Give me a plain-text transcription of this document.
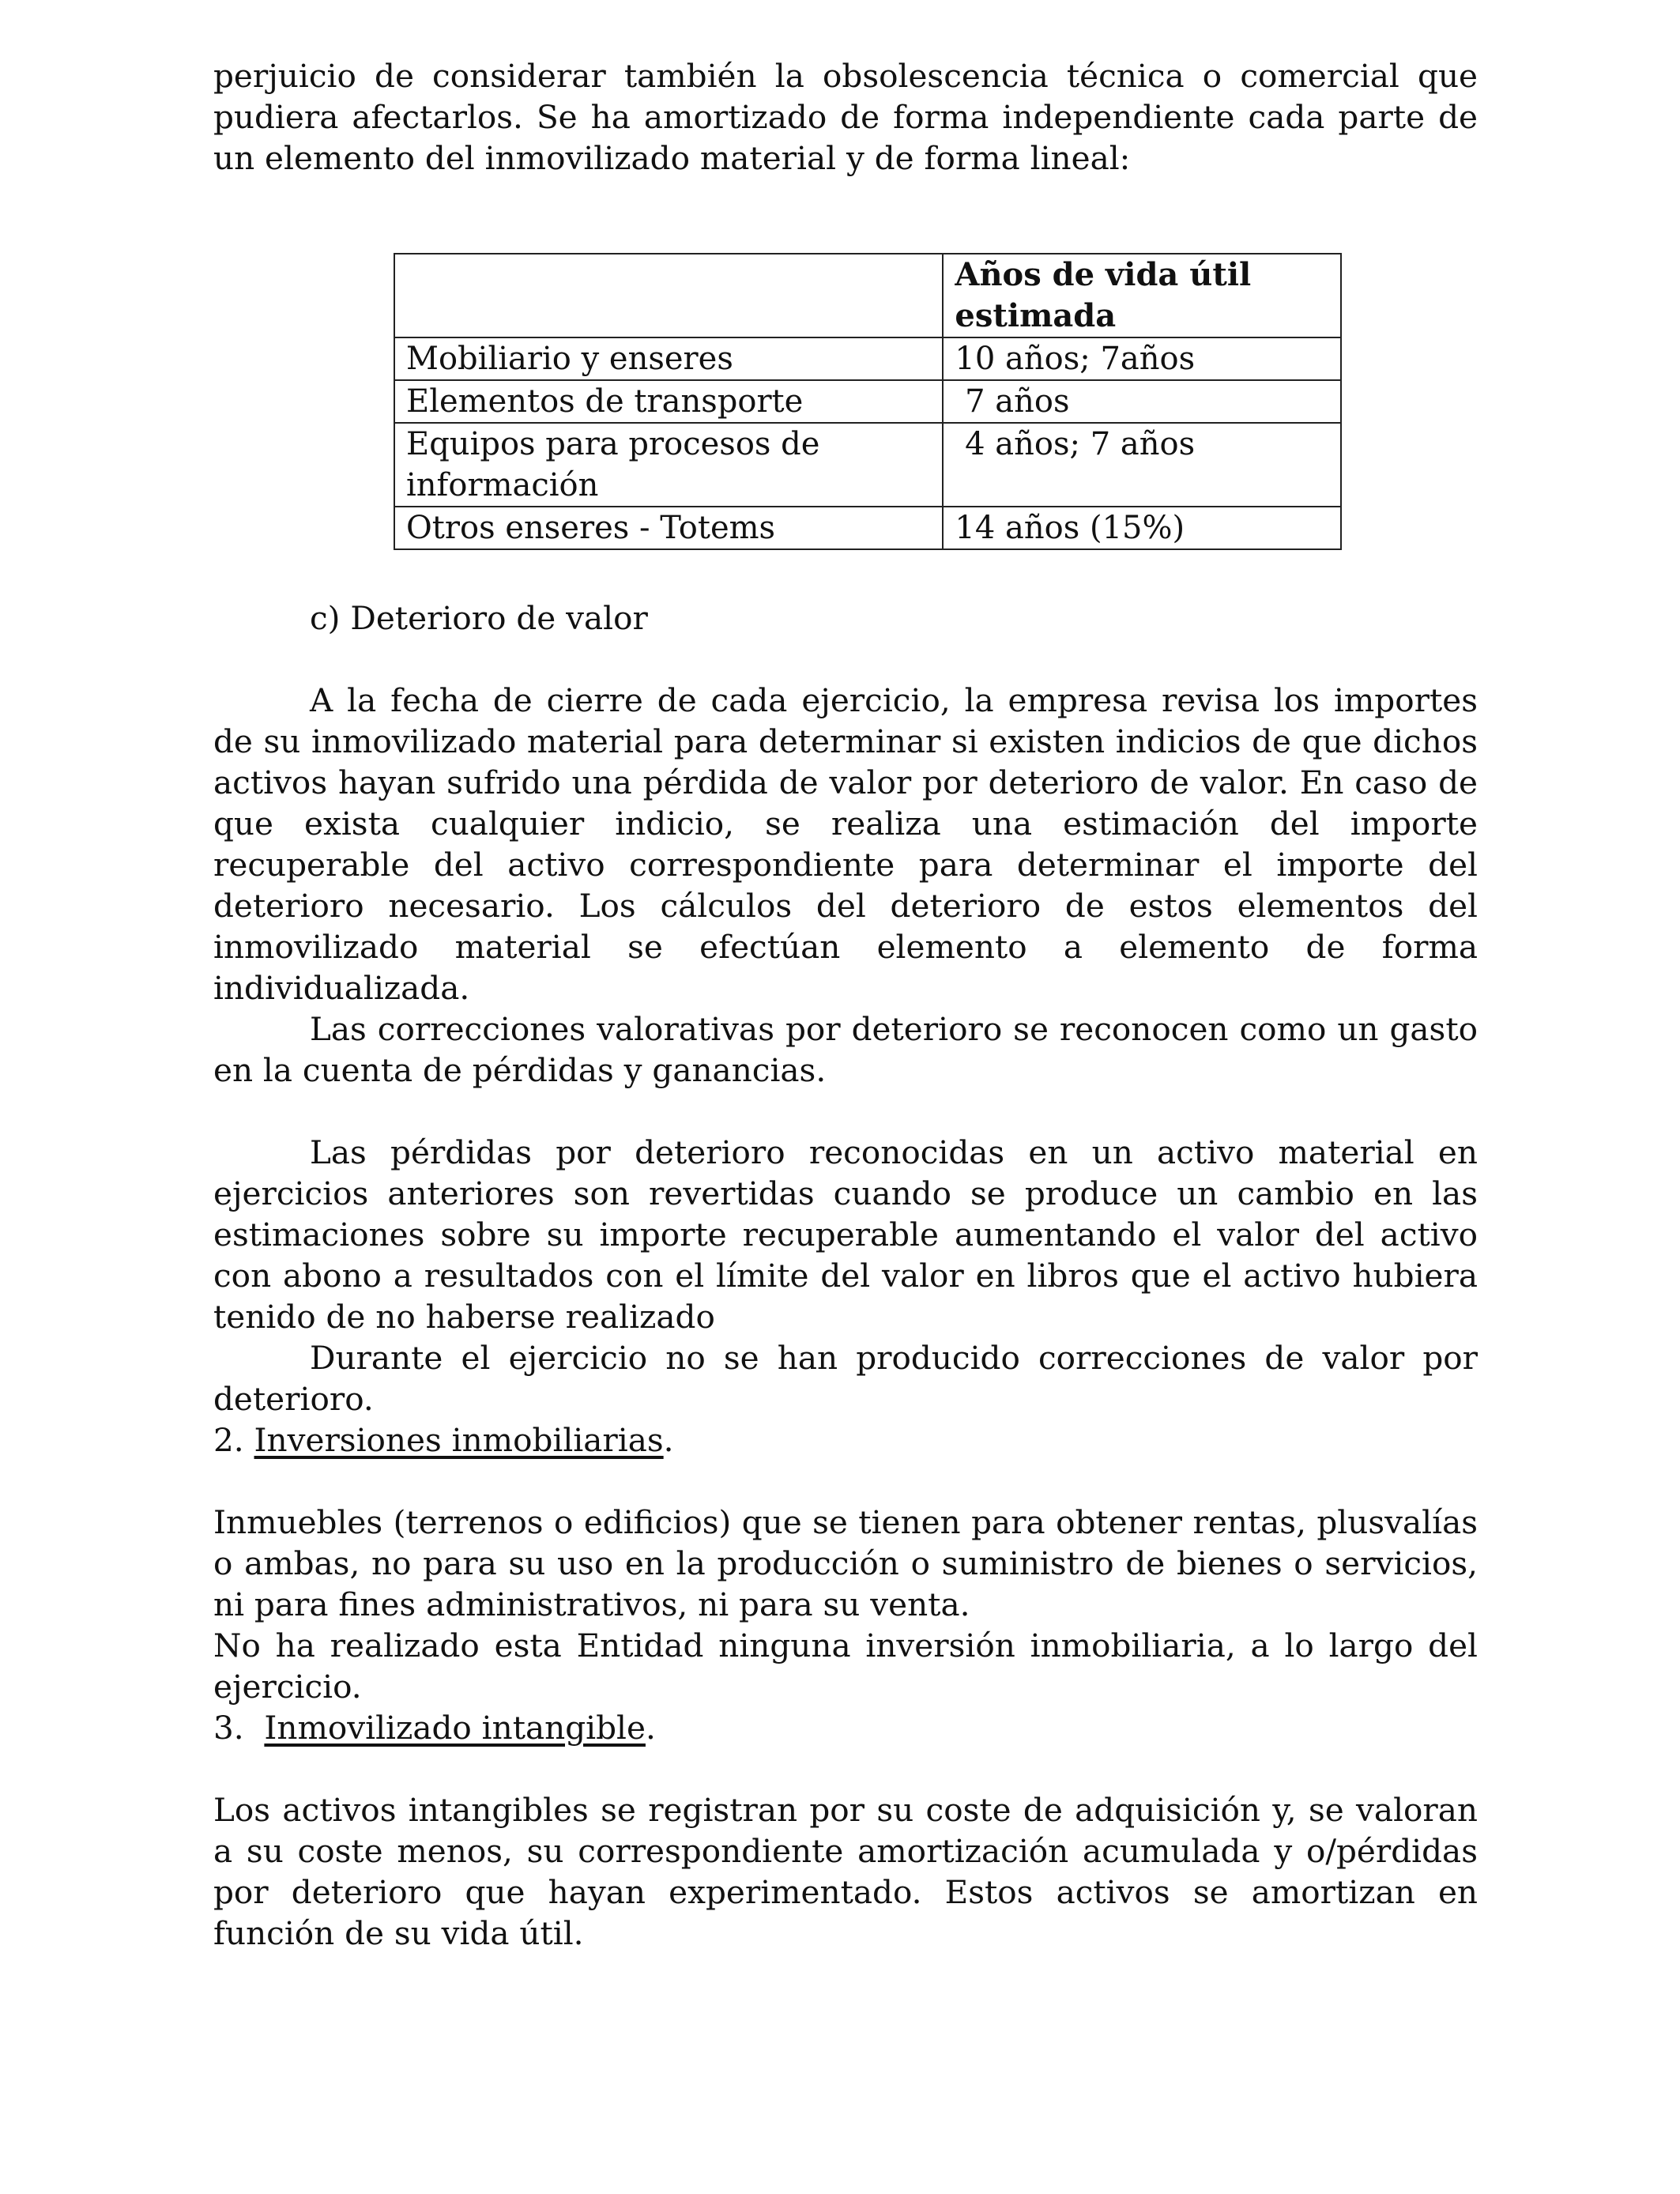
perjuicio de considerar también la obsolescencia técnica o comercial que pudiera afectarlos. Se ha amortizado de forma independiente cada parte de un elemento del inmovilizado material y de forma lineal:

	Años de vida útil estimada
Mobiliario y enseres	10 años; 7años
Elementos de transporte	7 años
Equipos para procesos de información	4 años; 7 años
Otros enseres - Totems	14 años (15%)

c) Deterioro de valor

A la fecha de cierre de cada ejercicio, la empresa revisa los importes de su inmovilizado material para determinar si existen indicios de que dichos activos hayan sufrido una pérdida de valor por deterioro de valor. En caso de que exista cualquier indicio, se realiza una estimación del importe recuperable del activo correspondiente para determinar el importe del deterioro necesario. Los cálculos del deterioro de estos elementos del inmovilizado material se efectúan elemento a elemento de forma individualizada.

Las correcciones valorativas por deterioro se reconocen como un gasto en la cuenta de pérdidas y ganancias.

Las pérdidas por deterioro reconocidas en un activo material en ejercicios anteriores son revertidas cuando se produce un cambio en las estimaciones sobre su importe recuperable aumentando el valor del activo con abono a resultados con el límite del valor en libros que el activo hubiera tenido de no haberse realizado

Durante el ejercicio no se han producido correcciones de valor por deterioro.

2. Inversiones inmobiliarias.

Inmuebles (terrenos o edificios) que se tienen para obtener rentas, plusvalías o ambas, no para su uso en la producción o suministro de bienes o servicios, ni para fines administrativos, ni para su venta.

No ha realizado esta Entidad ninguna inversión inmobiliaria, a lo largo del ejercicio.

3.  Inmovilizado intangible.

Los activos intangibles se registran por su coste de adquisición y, se valoran a su coste menos, su correspondiente amortización acumulada y o/pérdidas por deterioro que hayan experimentado. Estos activos se amortizan en función de su vida útil.
